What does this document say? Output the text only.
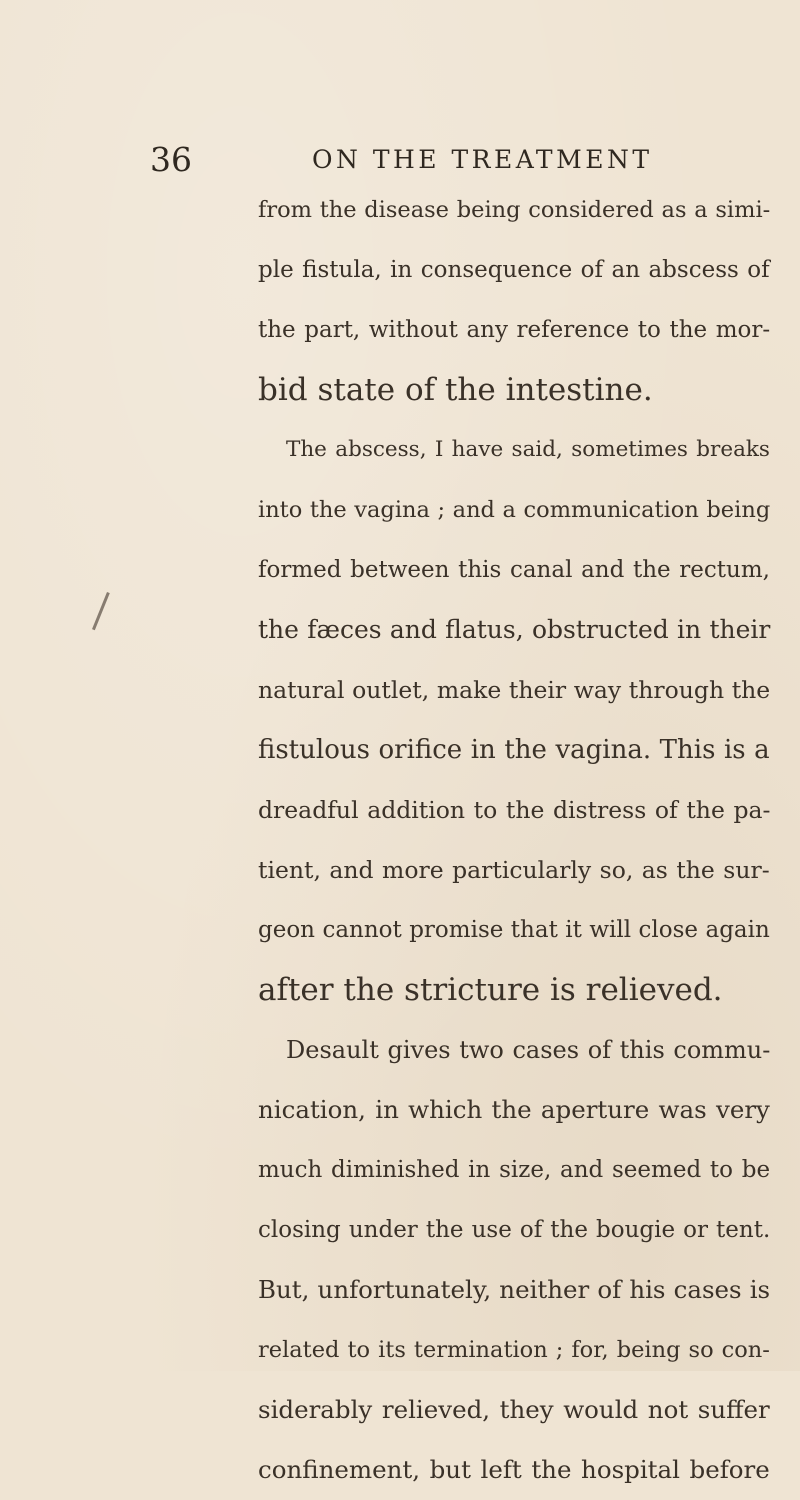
36	ON THE TREATMENT
from the disease being considered as a simi-
ple fistula, in consequence of an abscess of
the part, without any reference to the mor-
bid state of the intestine.
The abscess, I have said, sometimes breaks
into the vagina ; and a communication being
formed between this canal and the rectum,
the fæces and flatus, obstructed in their
natural outlet, make their way through the
fistulous orifice in the vagina. This is a
dreadful addition to the distress of the pa-
tient, and more particularly so, as the sur-
geon cannot promise that it will close again
after the stricture is relieved.
Desault gives two cases of this commu-
nication, in which the aperture was very
much diminished in size, and seemed to be
closing under the use of the bougie or tent.
But, unfortunately, neither of his cases is
related to its termination ; for, being so con-
siderably relieved, they would not suffer
confinement, but left the hospital before
